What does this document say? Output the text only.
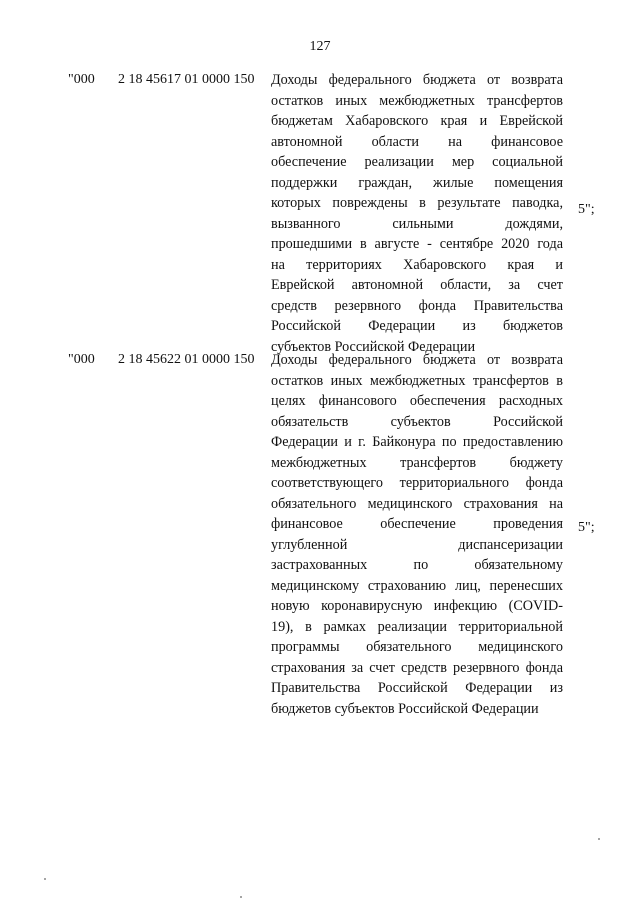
127
"000 2 18 45617 01 0000 150 Доходы федерального бюджета от возврата
остатков иных межбюджетных трансфертов
бюджетам Хабаровского края и Еврейской
автономной области на финансовое
обеспечение реализации мер социальной
поддержки граждан, жилые помещения
которых повреждены в результате паводка,
вызванного сильными дождями,
прошедшими в августе - сентябре 2020 года
на территориях Хабаровского края и
Еврейской автономной области, за счет
средств резервного фонда Правительства
Российской Федерации из бюджетов
субъектов Российской Федерации
5";
"000 2 18 45622 01 0000 150 Доходы федерального бюджета от возврата
остатков иных межбюджетных трансфертов в
целях финансового обеспечения расходных
обязательств субъектов Российской
Федерации и г. Байконура по предоставлению
межбюджетных трансфертов бюджету
соответствующего территориального фонда
обязательного медицинского страхования на
финансовое обеспечение проведения
углубленной диспансеризации
застрахованных по обязательному
медицинскому страхованию лиц, перенесших
новую коронавирусную инфекцию (COVID-
19), в рамках реализации территориальной
программы обязательного медицинского
страхования за счет средств резервного фонда
Правительства Российской Федерации из
бюджетов субъектов Российской Федерации
5";
